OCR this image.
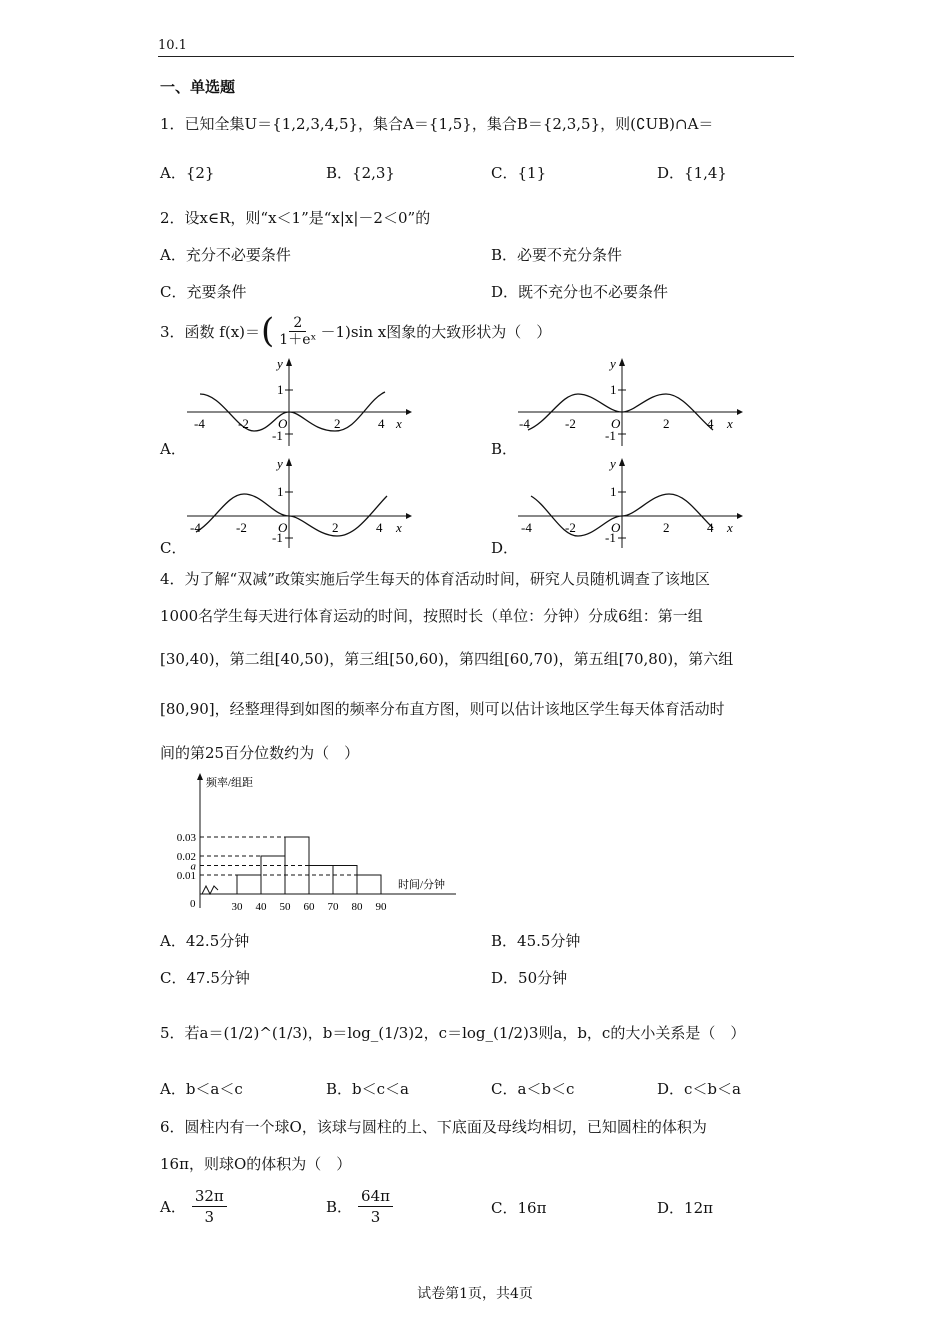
10.1
一、单选题
1．已知全集U＝{1,2,3,4,5}，集合A＝{1,5}，集合B＝{2,3,5}，则(∁UB)∩A＝
A．{2}	B．{2,3}	C．{1}	D．{1,4}
2．设x∈R，则“x＜1”是“x|x|－2＜0”的
A．充分不必要条件	B．必要不充分条件
C．充要条件	D．既不充分也不必要条件
3．函数 f(x)＝ ( $\frac{2}{\text{1＋eˣ}} -1)\sin$ x图象的大致形状为（　）
A．	B．
C．	D．
y
1
-1
O
-4	-2	2	4 x
y
1
-1
O
-4	-2	2	4 x
y
1
-1
O
-4	-2	2	4 x
y
1
-1
O
-4	-2	2	4 x
4．为了解“双减”政策实施后学生每天的体育活动时间，研究人员随机调查了该地区
1000名学生每天进行体育运动的时间，按照时长（单位：分钟）分成6组：第一组
[30,40)，第二组[40,50)，第三组[50,60)，第四组[60,70)，第五组[70,80)，第六组
[80,90]，经整理得到如图的频率分布直方图，则可以估计该地区学生每天体育活动时
间的第25百分位数约为（　）
频率/组距
时间/分钟
0
0.03
0.02
a
0.01
30 40 50 60 70 80 90
A．42.5分钟	B．45.5分钟
C．47.5分钟	D．50分钟
5．若a＝(1/2)^(1/3)，b＝log_(1/3)2，c＝log_(1/2)3则a，b，c的大小关系是（　）
A．b＜a＜c	B．b＜c＜a	C．a＜b＜c	D．c＜b＜a
6．圆柱内有一个球O，该球与圆柱的上、下底面及母线均相切，已知圆柱的体积为
16π，则球O的体积为（　）
A． $\frac{32\pi}{3}$	B． $\frac{64\pi}{3}$	C．16π	D．12π
试卷第1页，共4页
